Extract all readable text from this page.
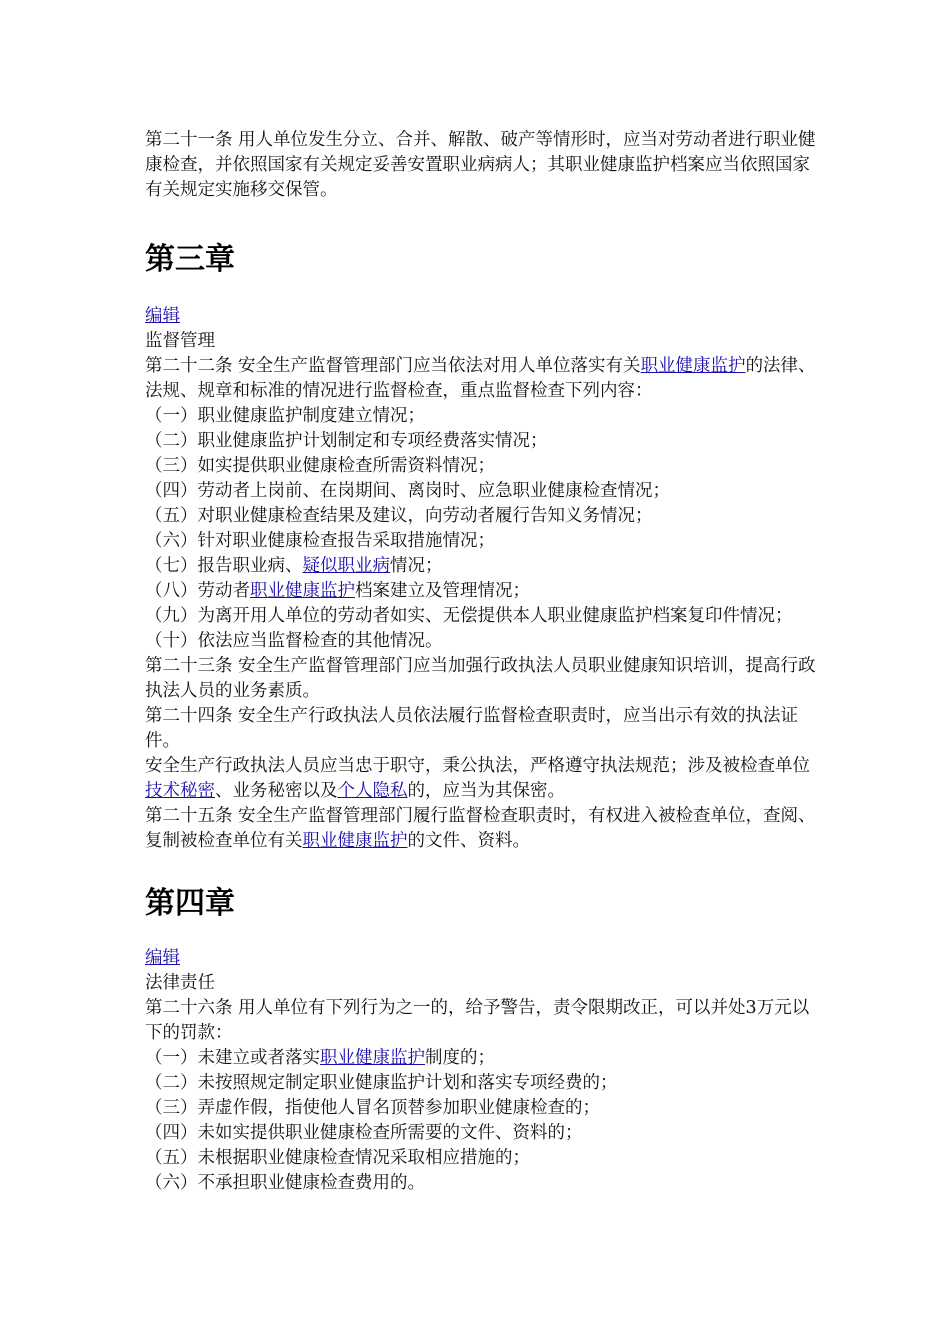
第二十一条 用人单位发生分立、合并、解散、破产等情形时，应当对劳动者进行职业健康检查，并依照国家有关规定妥善安置职业病病人；其职业健康监护档案应当依照国家有关规定实施移交保管。

第三章
编辑

监督管理

第二十二条 安全生产监督管理部门应当依法对用人单位落实有关职业健康监护的法律、法规、规章和标准的情况进行监督检查，重点监督检查下列内容：

（一）职业健康监护制度建立情况；

（二）职业健康监护计划制定和专项经费落实情况；

（三）如实提供职业健康检查所需资料情况；

（四）劳动者上岗前、在岗期间、离岗时、应急职业健康检查情况；

（五）对职业健康检查结果及建议，向劳动者履行告知义务情况；

（六）针对职业健康检查报告采取措施情况；

（七）报告职业病、疑似职业病情况；

（八）劳动者职业健康监护档案建立及管理情况；

（九）为离开用人单位的劳动者如实、无偿提供本人职业健康监护档案复印件情况；

（十）依法应当监督检查的其他情况。

第二十三条 安全生产监督管理部门应当加强行政执法人员职业健康知识培训，提高行政执法人员的业务素质。

第二十四条 安全生产行政执法人员依法履行监督检查职责时，应当出示有效的执法证件。

安全生产行政执法人员应当忠于职守，秉公执法，严格遵守执法规范；涉及被检查单位技术秘密、业务秘密以及个人隐私的，应当为其保密。

第二十五条 安全生产监督管理部门履行监督检查职责时，有权进入被检查单位，查阅、复制被检查单位有关职业健康监护的文件、资料。

第四章
编辑

法律责任

第二十六条 用人单位有下列行为之一的，给予警告，责令限期改正，可以并处3万元以下的罚款：

（一）未建立或者落实职业健康监护制度的；

（二）未按照规定制定职业健康监护计划和落实专项经费的；

（三）弄虚作假，指使他人冒名顶替参加职业健康检查的；

（四）未如实提供职业健康检查所需要的文件、资料的；

（五）未根据职业健康检查情况采取相应措施的；

（六）不承担职业健康检查费用的。
